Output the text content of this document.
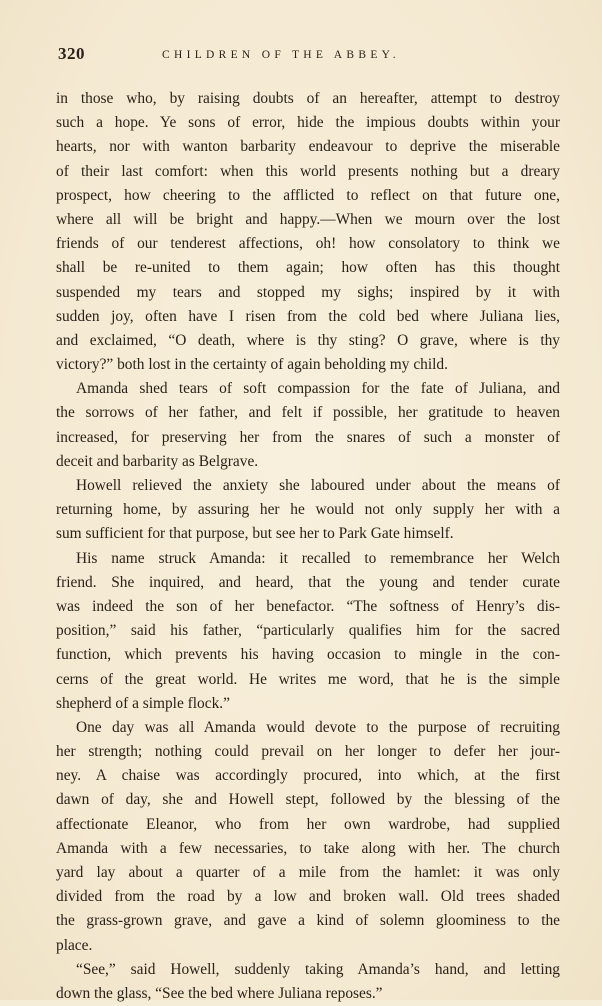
320	CHILDREN OF THE ABBEY.
in those who, by raising doubts of an hereafter, attempt to destroy
such a hope. Ye sons of error, hide the impious doubts within your
hearts, nor with wanton barbarity endeavour to deprive the miserable
of their last comfort: when this world presents nothing but a dreary
prospect, how cheering to the afflicted to reflect on that future one,
where all will be bright and happy.—When we mourn over the lost
friends of our tenderest affections, oh! how consolatory to think we
shall be re-united to them again; how often has this thought
suspended my tears and stopped my sighs; inspired by it with
sudden joy, often have I risen from the cold bed where Juliana lies,
and exclaimed, “O death, where is thy sting? O grave, where is thy
victory?” both lost in the certainty of again beholding my child.
Amanda shed tears of soft compassion for the fate of Juliana, and
the sorrows of her father, and felt if possible, her gratitude to heaven
increased, for preserving her from the snares of such a monster of
deceit and barbarity as Belgrave.
Howell relieved the anxiety she laboured under about the means of
returning home, by assuring her he would not only supply her with a
sum sufficient for that purpose, but see her to Park Gate himself.
His name struck Amanda: it recalled to remembrance her Welch
friend. She inquired, and heard, that the young and tender curate
was indeed the son of her benefactor. “The softness of Henry’s dis-
position,” said his father, “particularly qualifies him for the sacred
function, which prevents his having occasion to mingle in the con-
cerns of the great world. He writes me word, that he is the simple
shepherd of a simple flock.”
One day was all Amanda would devote to the purpose of recruiting
her strength; nothing could prevail on her longer to defer her jour-
ney. A chaise was accordingly procured, into which, at the first
dawn of day, she and Howell stept, followed by the blessing of the
affectionate Eleanor, who from her own wardrobe, had supplied
Amanda with a few necessaries, to take along with her. The church
yard lay about a quarter of a mile from the hamlet: it was only
divided from the road by a low and broken wall. Old trees shaded
the grass-grown grave, and gave a kind of solemn gloominess to the
place.
“See,” said Howell, suddenly taking Amanda’s hand, and letting
down the glass, “See the bed where Juliana reposes.”
